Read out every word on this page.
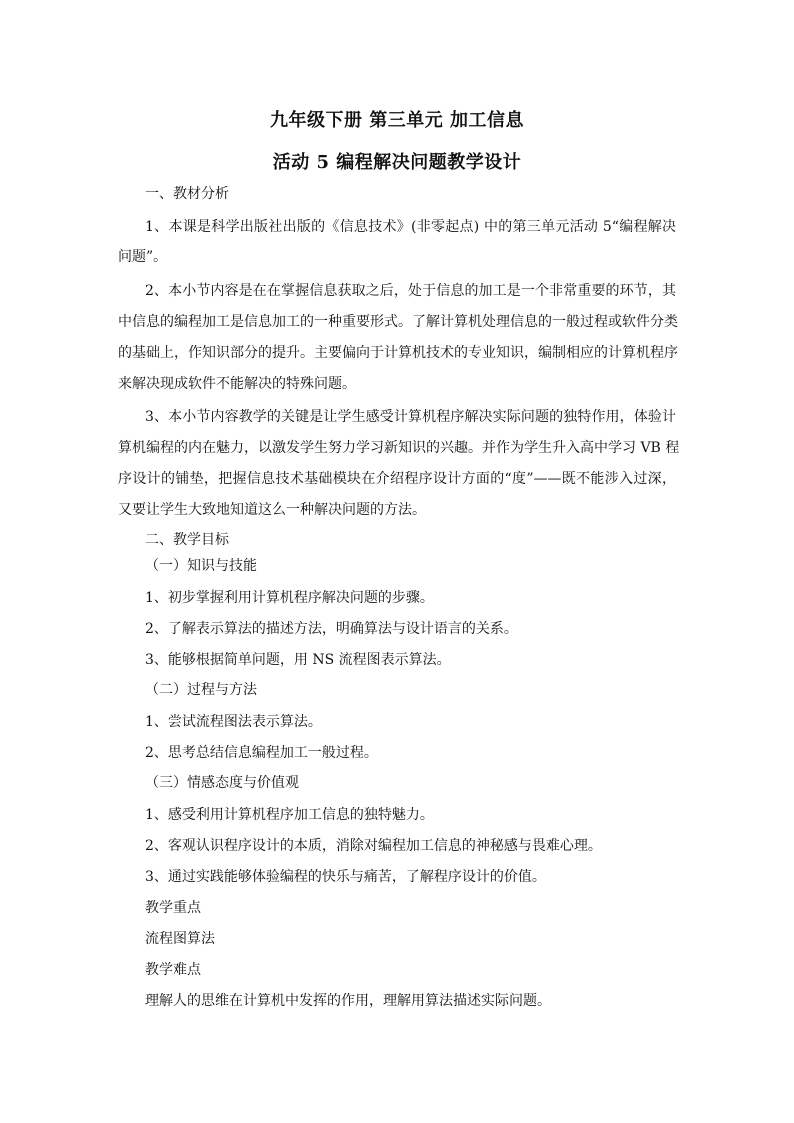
九年级下册 第三单元 加工信息
活动 5 编程解决问题教学设计
一、教材分析
1、本课是科学出版社出版的《信息技术》(非零起点) 中的第三单元活动 5“编程解决
问题”。
2、本小节内容是在在掌握信息获取之后，处于信息的加工是一个非常重要的环节，其
中信息的编程加工是信息加工的一种重要形式。了解计算机处理信息的一般过程或软件分类
的基础上，作知识部分的提升。主要偏向于计算机技术的专业知识，编制相应的计算机程序
来解决现成软件不能解决的特殊问题。
3、本小节内容教学的关键是让学生感受计算机程序解决实际问题的独特作用，体验计
算机编程的内在魅力，以激发学生努力学习新知识的兴趣。并作为学生升入高中学习 VB 程
序设计的铺垫，把握信息技术基础模块在介绍程序设计方面的“度”——既不能涉入过深，
又要让学生大致地知道这么一种解决问题的方法。
二、教学目标
（一）知识与技能
1、初步掌握利用计算机程序解决问题的步骤。
2、了解表示算法的描述方法，明确算法与设计语言的关系。
3、能够根据简单问题，用 NS 流程图表示算法。
（二）过程与方法
1、尝试流程图法表示算法。
2、思考总结信息编程加工一般过程。
（三）情感态度与价值观
1、感受利用计算机程序加工信息的独特魅力。
2、客观认识程序设计的本质，消除对编程加工信息的神秘感与畏难心理。
3、通过实践能够体验编程的快乐与痛苦，了解程序设计的价值。
教学重点
流程图算法
教学难点
理解人的思维在计算机中发挥的作用，理解用算法描述实际问题。
